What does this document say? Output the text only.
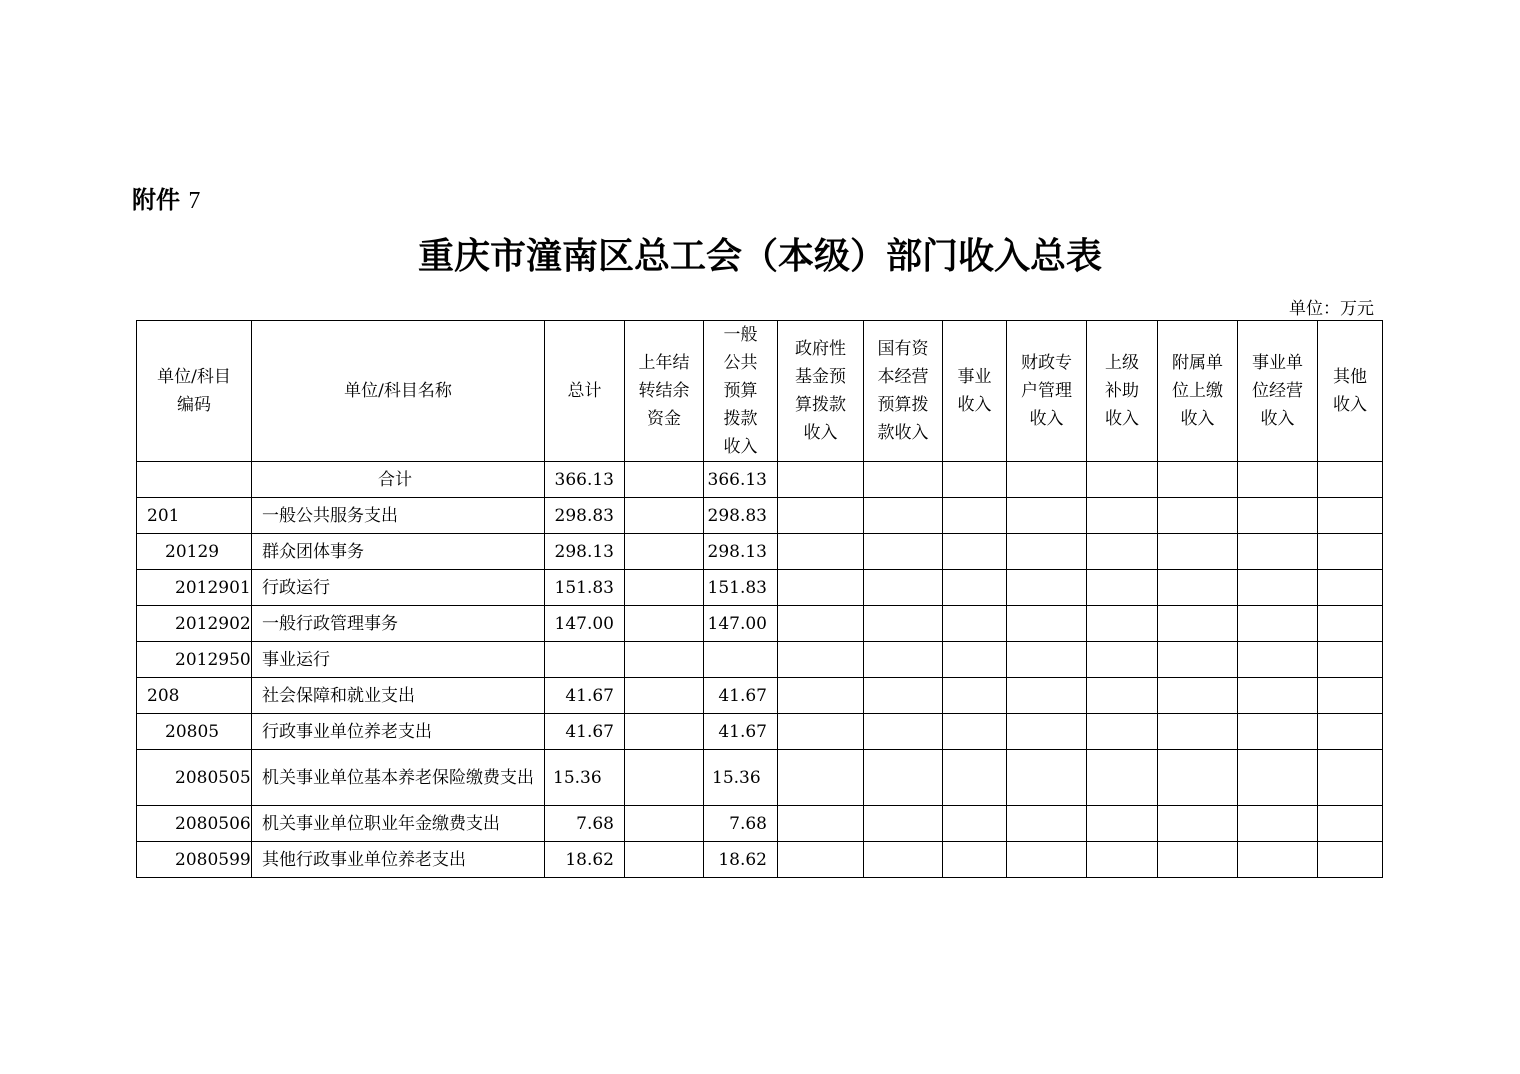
附件 7
重庆市潼南区总工会（本级）部门收入总表
单位：万元
单位/科目
编码	单位/科目名称	总计	上年结
转结余
资金	一般
公共
预算
拨款
收入	政府性
基金预
算拨款
收入	国有资
本经营
预算拨
款收入	事业
收入	财政专
户管理
收入	上级
补助
收入	附属单
位上缴
收入	事业单
位经营
收入	其他
收入
	合计	366.13		366.13								
201	一般公共服务支出	298.83		298.83								
20129	群众团体事务	298.13		298.13								
2012901	行政运行	151.83		151.83								
2012902	一般行政管理事务	147.00		147.00								
2012950	事业运行											
208	社会保障和就业支出	41.67		41.67								
20805	行政事业单位养老支出	41.67		41.67								
2080505	机关事业单位基本养老保险缴费支出	15.36		15.36								
2080506	机关事业单位职业年金缴费支出	7.68		7.68								
2080599	其他行政事业单位养老支出	18.62		18.62								
